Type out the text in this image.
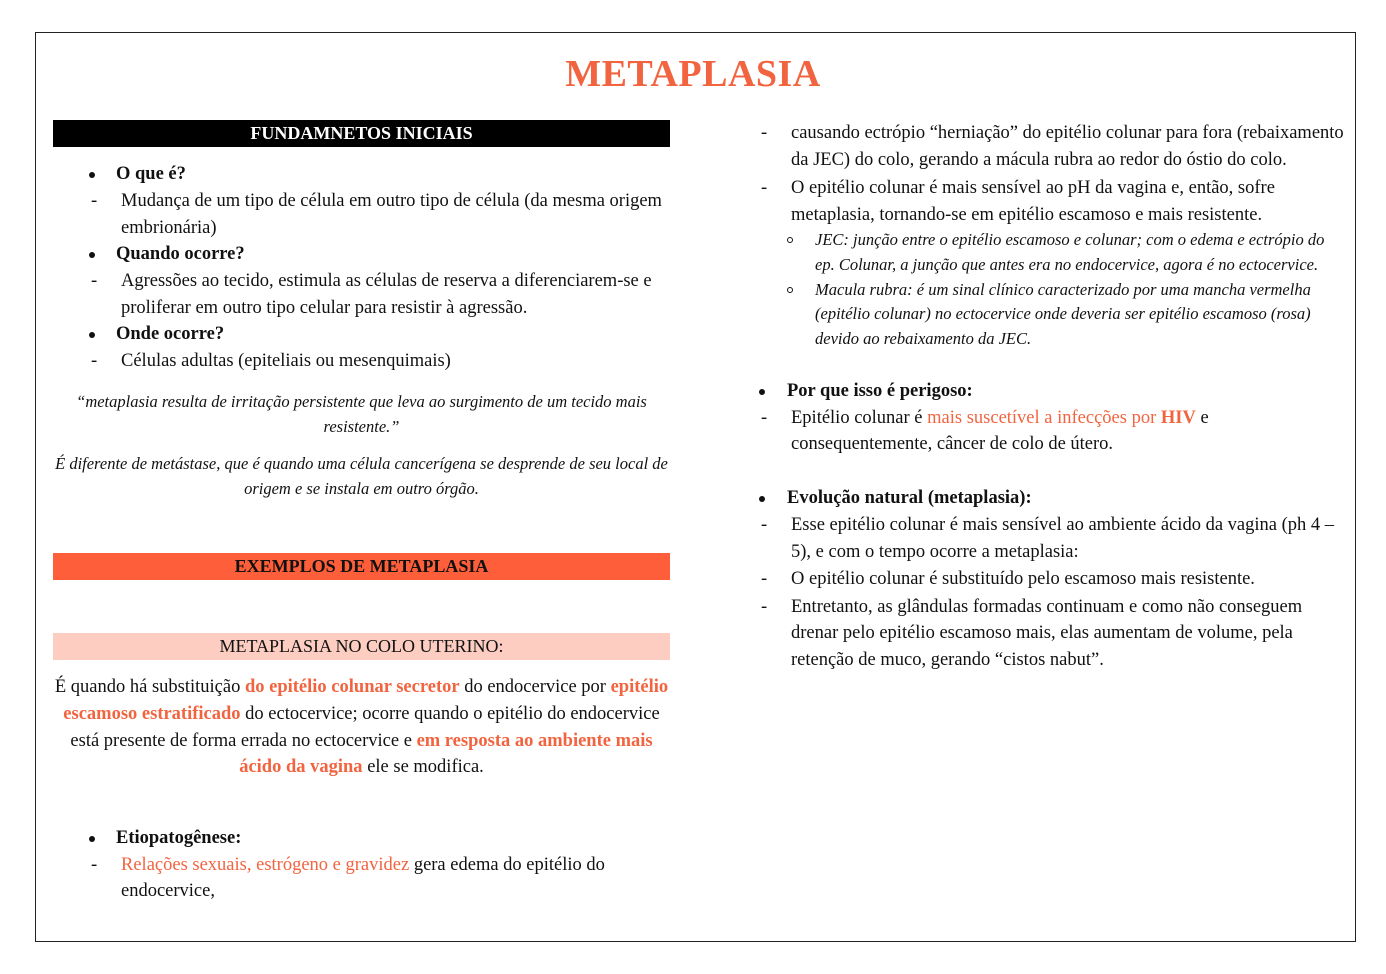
METAPLASIA
FUNDAMNETOS INICIAIS
O que é?
- Mudança de um tipo de célula em outro tipo de célula (da mesma origem embrionária)
Quando ocorre?
- Agressões ao tecido, estimula as células de reserva a diferenciarem-se e proliferar em outro tipo celular para resistir à agressão.
Onde ocorre?
- Células adultas (epiteliais ou mesenquimais)
“metaplasia resulta de irritação persistente que leva ao surgimento de um tecido mais resistente.”
É diferente de metástase, que é quando uma célula cancerígena se desprende de seu local de origem e se instala em outro órgão.
EXEMPLOS DE METAPLASIA
METAPLASIA NO COLO UTERINO:
É quando há substituição do epitélio colunar secretor do endocervice por epitélio escamoso estratificado do ectocervice; ocorre quando o epitélio do endocervice está presente de forma errada no ectocervice e em resposta ao ambiente mais ácido da vagina ele se modifica.
Etiopatogênese:
- Relações sexuais, estrógeno e gravidez gera edema do epitélio do endocervice,
- causando ectrópio “herniação” do epitélio colunar para fora (rebaixamento da JEC) do colo, gerando a mácula rubra ao redor do óstio do colo.
- O epitélio colunar é mais sensível ao pH da vagina e, então, sofre metaplasia, tornando-se em epitélio escamoso e mais resistente.
JEC: junção entre o epitélio escamoso e colunar; com o edema e ectrópio do ep. Colunar, a junção que antes era no endocervice, agora é no ectocervice.
Macula rubra: é um sinal clínico caracterizado por uma mancha vermelha (epitélio colunar) no ectocervice onde deveria ser epitélio escamoso (rosa) devido ao rebaixamento da JEC.
Por que isso é perigoso:
- Epitélio colunar é mais suscetível a infecções por HIV e consequentemente, câncer de colo de útero.
Evolução natural (metaplasia):
- Esse epitélio colunar é mais sensível ao ambiente ácido da vagina (ph 4 – 5), e com o tempo ocorre a metaplasia:
- O epitélio colunar é substituído pelo escamoso mais resistente.
- Entretanto, as glândulas formadas continuam e como não conseguem drenar pelo epitélio escamoso mais, elas aumentam de volume, pela retenção de muco, gerando “cistos nabut”.
